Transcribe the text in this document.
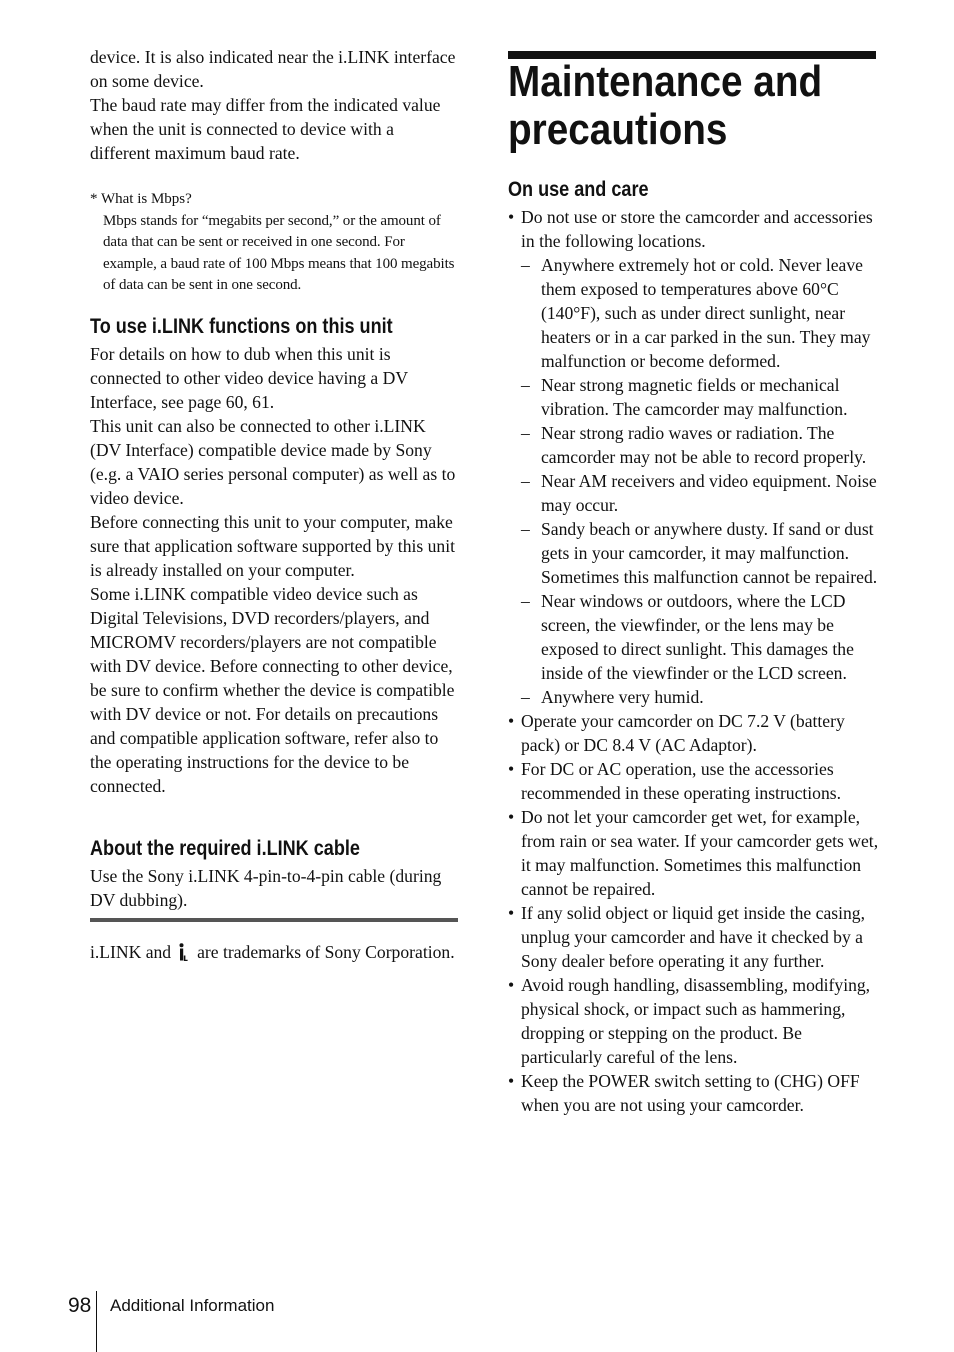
device. It is also indicated near the i.LINK interface on some device.

The baud rate may differ from the indicated value when the unit is connected to device with a different maximum baud rate.

* What is Mbps?
Mbps stands for “megabits per second,” or the amount of data that can be sent or received in one second. For example, a baud rate of 100 Mbps means that 100 megabits of data can be sent in one second.
To use i.LINK functions on this unit

For details on how to dub when this unit is connected to other video device having a DV Interface, see page 60, 61.

This unit can also be connected to other i.LINK (DV Interface) compatible device made by Sony (e.g. a VAIO series personal computer) as well as to video device.

Before connecting this unit to your computer, make sure that application software supported by this unit is already installed on your computer.

Some i.LINK compatible video device such as Digital Televisions, DVD recorders/players, and MICROMV recorders/players are not compatible with DV device. Before connecting to other device, be sure to confirm whether the device is compatible with DV device or not. For details on precautions and compatible application software, refer also to the operating instructions for the device to be connected.

About the required i.LINK cable

Use the Sony i.LINK 4-pin-to-4-pin cable (during DV dubbing).

i.LINK and are trademarks of Sony Corporation.

Maintenance and precautions
On use and care
• Do not use or store the camcorder and accessories in the following locations.
– Anywhere extremely hot or cold. Never leave them exposed to temperatures above 60°C (140°F), such as under direct sunlight, near heaters or in a car parked in the sun. They may malfunction or become deformed.
– Near strong magnetic fields or mechanical vibration. The camcorder may malfunction.
– Near strong radio waves or radiation. The camcorder may not be able to record properly.
– Near AM receivers and video equipment. Noise may occur.
– Sandy beach or anywhere dusty. If sand or dust gets in your camcorder, it may malfunction. Sometimes this malfunction cannot be repaired.
– Near windows or outdoors, where the LCD screen, the viewfinder, or the lens may be exposed to direct sunlight. This damages the inside of the viewfinder or the LCD screen.
– Anywhere very humid.
• Operate your camcorder on DC 7.2 V (battery pack) or DC 8.4 V (AC Adaptor).
• For DC or AC operation, use the accessories recommended in these operating instructions.
• Do not let your camcorder get wet, for example, from rain or sea water. If your camcorder gets wet, it may malfunction. Sometimes this malfunction cannot be repaired.
• If any solid object or liquid get inside the casing, unplug your camcorder and have it checked by a Sony dealer before operating it any further.
• Avoid rough handling, disassembling, modifying, physical shock, or impact such as hammering, dropping or stepping on the product. Be particularly careful of the lens.
• Keep the POWER switch setting to (CHG) OFF when you are not using your camcorder.
98 Additional Information
